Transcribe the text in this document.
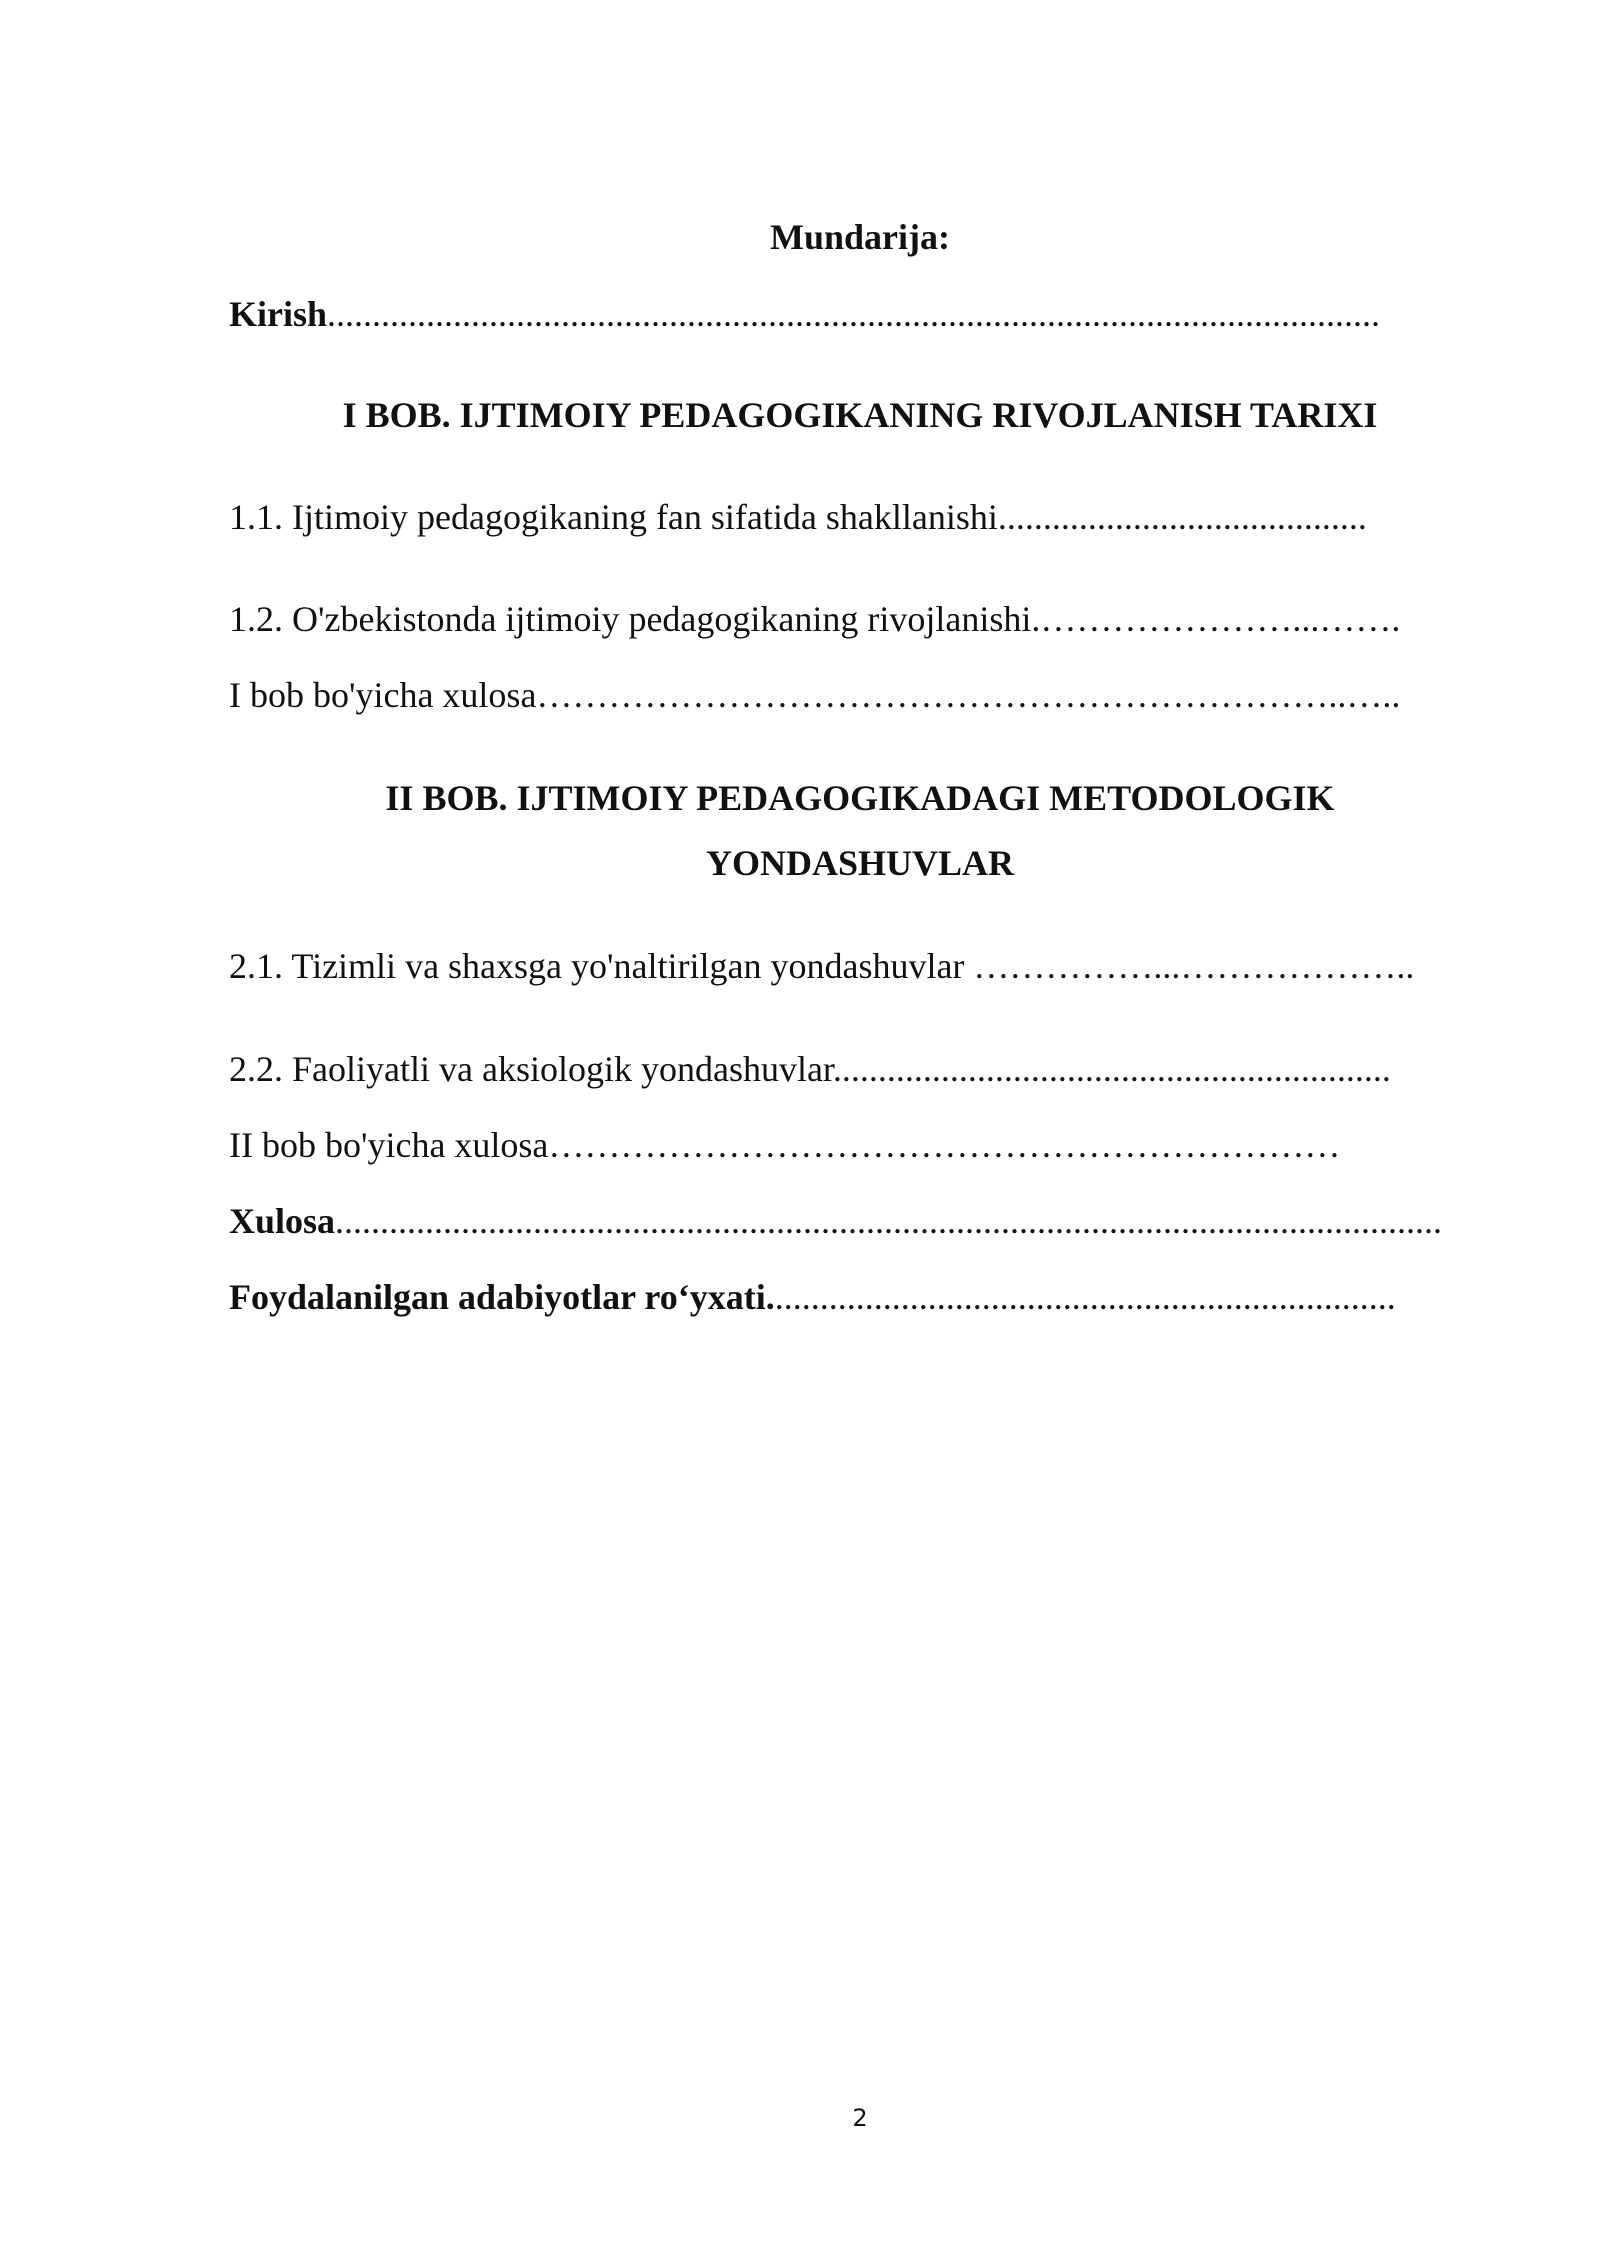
Mundarija:
Kirish.....................................................................................................................
I BOB. IJTIMOIY PEDAGOGIKANING RIVOJLANISH TARIXI
1.1. Ijtimoiy pedagogikaning fan sifatida shakllanishi.........................................
1.2. O'zbekistonda ijtimoiy pedagogikaning rivojlanishi.…………………...…….
I bob bo'yicha xulosa…………………………………………………………..…..
II BOB. IJTIMOIY PEDAGOGIKADAGI METODOLOGIK
YONDASHUVLAR
2.1. Tizimli va shaxsga yo'naltirilgan yondashuvlar ……………...………………..
2.2. Faoliyatli va aksiologik yondashuvlar..............................................................
II bob bo'yicha xulosa…………………………………………………………
Xulosa...........................................................................................................................
Foydalanilgan adabiyotlar ro‘yxati......................................................................
2
